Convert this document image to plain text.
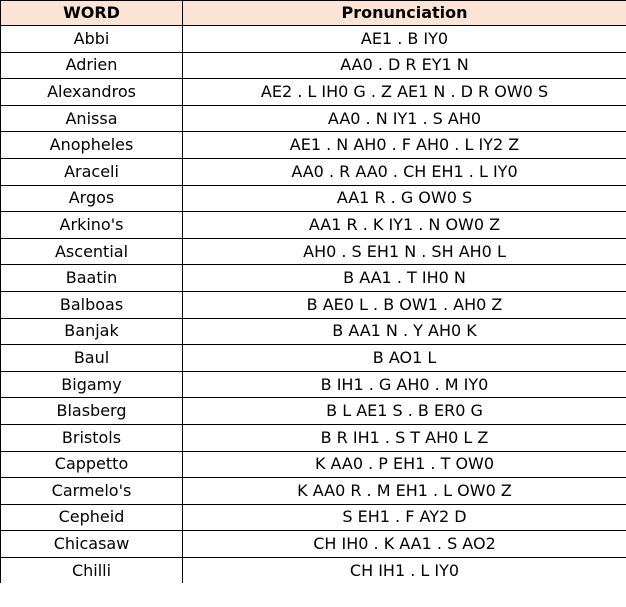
WORD	Pronunciation
Abbi	AE1 . B IY0
Adrien	AA0 . D R EY1 N
Alexandros	AE2 . L IH0 G . Z AE1 N . D R OW0 S
Anissa	AA0 . N IY1 . S AH0
Anopheles	AE1 . N AH0 . F AH0 . L IY2 Z
Araceli	AA0 . R AA0 . CH EH1 . L IY0
Argos	AA1 R . G OW0 S
Arkino's	AA1 R . K IY1 . N OW0 Z
Ascential	AH0 . S EH1 N . SH AH0 L
Baatin	B AA1 . T IH0 N
Balboas	B AE0 L . B OW1 . AH0 Z
Banjak	B AA1 N . Y AH0 K
Baul	B AO1 L
Bigamy	B IH1 . G AH0 . M IY0
Blasberg	B L AE1 S . B ER0 G
Bristols	B R IH1 . S T AH0 L Z
Cappetto	K AA0 . P EH1 . T OW0
Carmelo's	K AA0 R . M EH1 . L OW0 Z
Cepheid	S EH1 . F AY2 D
Chicasaw	CH IH0 . K AA1 . S AO2
Chilli	CH IH1 . L IY0
